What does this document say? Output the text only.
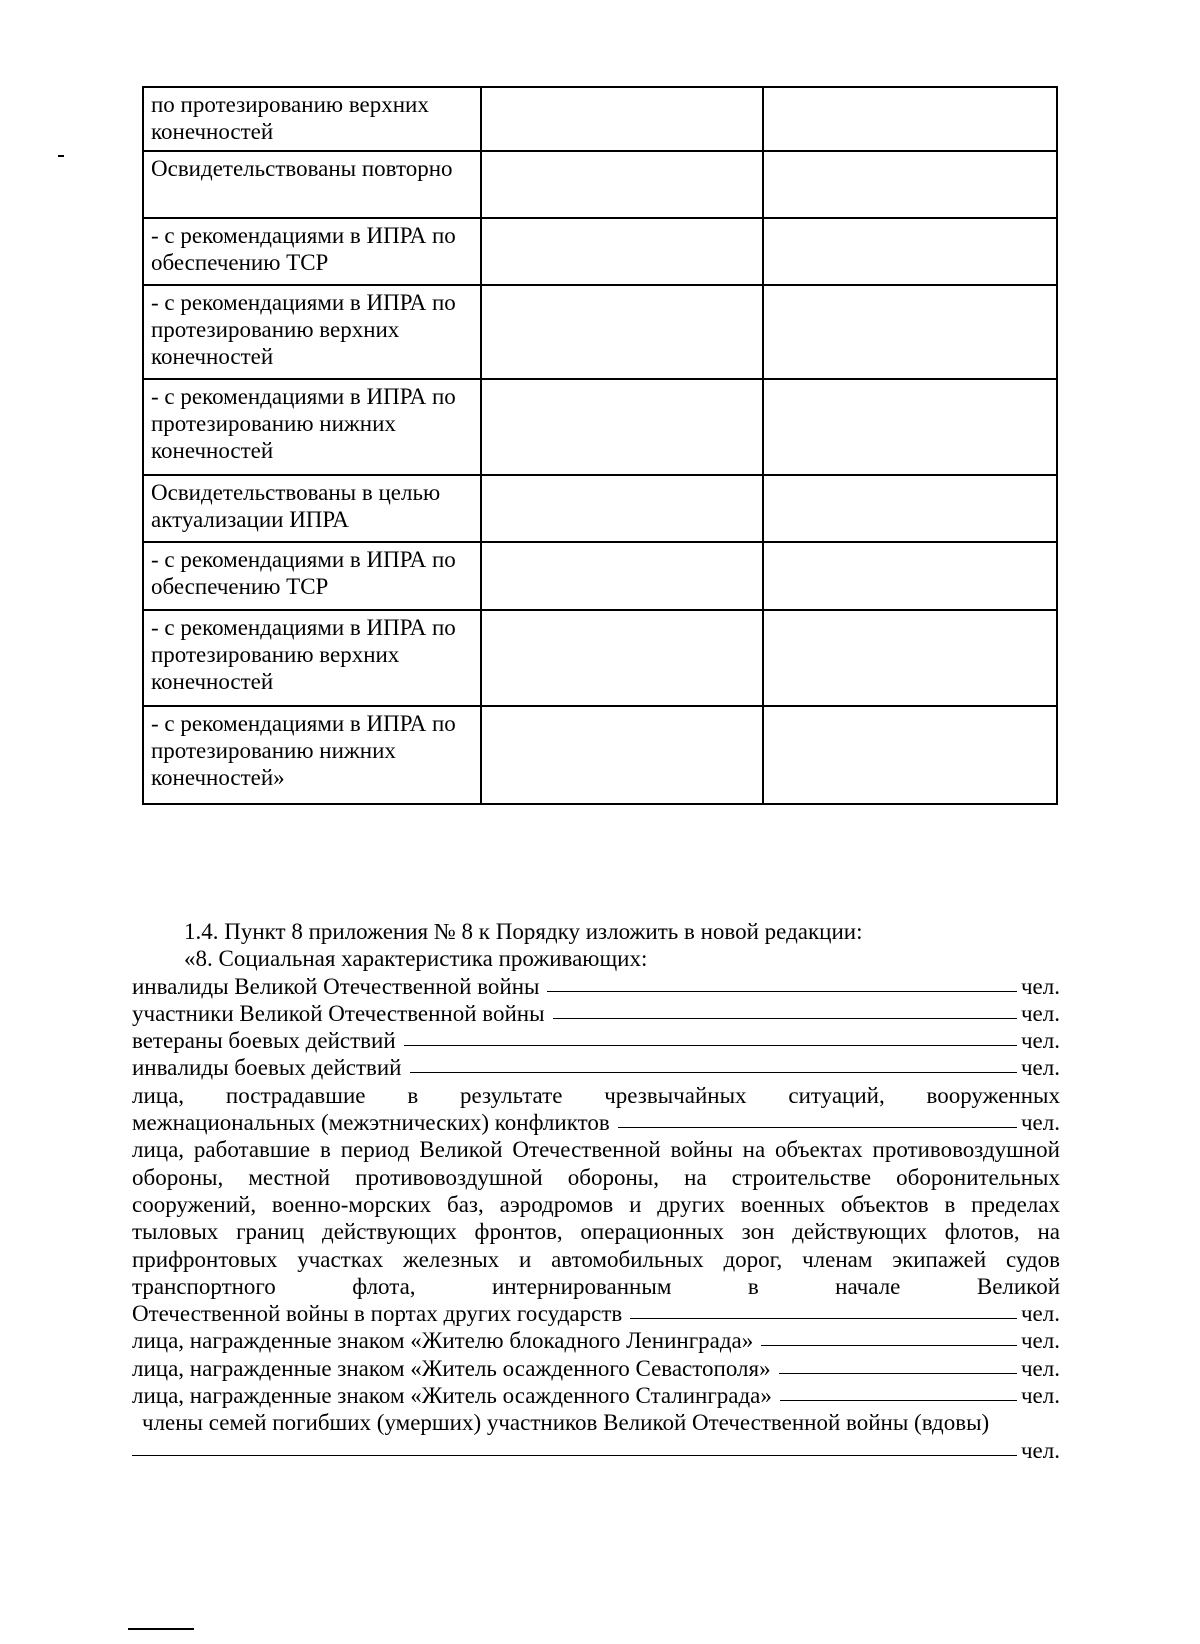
по протезированию верхних конечностей		
Освидетельствованы повторно		
- с рекомендациями в ИПРА по обеспечению ТСР		
- с рекомендациями в ИПРА по протезированию верхних конечностей		
- с рекомендациями в ИПРА по протезированию нижних конечностей		
Освидетельствованы в целью актуализации ИПРА		
- с рекомендациями в ИПРА по обеспечению ТСР		
- с рекомендациями в ИПРА по протезированию верхних конечностей		
- с рекомендациями в ИПРА по протезированию нижних конечностей»		
1.4. Пункт 8 приложения № 8 к Порядку изложить в новой редакции:
«8. Социальная характеристика проживающих:
инвалиды Великой Отечественной войны	чел.
участники Великой Отечественной войны	чел.
ветераны боевых действий	чел.
инвалиды боевых действий	чел.
лица, пострадавшие в результате чрезвычайных ситуаций, вооруженных
межнациональных (межэтнических) конфликтов	чел.
лица, работавшие в период Великой Отечественной войны на объектах противовоздушной обороны, местной противовоздушной обороны, на строительстве оборонительных сооружений, военно-морских баз, аэродромов и других военных объектов в пределах тыловых границ действующих фронтов, операционных зон действующих флотов, на прифронтовых участках железных и автомобильных дорог, членам экипажей судов транспортного флота, интернированным в начале Великой
Отечественной войны в портах других государств	чел.
лица, награжденные знаком «Жителю блокадного Ленинграда»	чел.
лица, награжденные знаком «Житель осажденного Севастополя»	чел.
лица, награжденные знаком «Житель осажденного Сталинграда»	чел.
члены семей погибших (умерших) участников Великой Отечественной войны (вдовы)
чел.
